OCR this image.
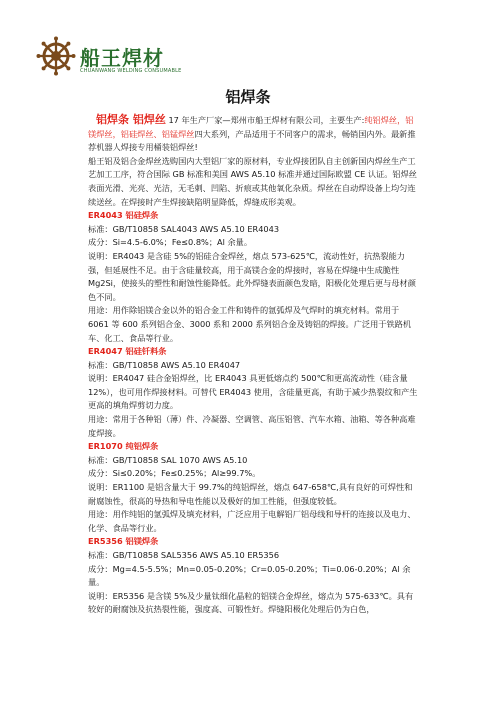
船王焊材
CHUANWANG WELDING CONSUMABLE
铝焊条

铝焊条 铝焊丝 17 年生产厂家—郑州市船王焊材有限公司，主要生产:纯铝焊丝，铝镁焊丝，铝硅焊丝、铝锰焊丝四大系列，产品适用于不同客户的需求，畅销国内外。最新推荐机器人焊接专用桶装铝焊丝!

船王铝及铝合金焊丝选购国内大型铝厂家的原材料，专业焊接团队自主创新国内焊丝生产工艺加工工序，符合国际 GB 标准和美国 AWS A5.10 标准并通过国际欧盟 CE 认证。铝焊丝表面光滑、光亮、光洁，无毛刺、凹陷、折痕或其他氧化杂质。焊丝在自动焊设备上均匀连续送丝。在焊接时产生焊接缺陷明显降低，焊缝成形美观。

ER4043 铝硅焊条

标准：GB/T10858 SAL4043 AWS A5.10 ER4043

成分：Si=4.5-6.0%；Fe≤0.8%；Al 余量。

说明：ER4043 是含硅 5%的铝硅合金焊丝，熔点 573-625℃，流动性好，抗热裂能力强，但延展性不足。由于含硅量较高，用于高镁合金的焊接时，容易在焊缝中生成脆性 Mg2Si，使接头的塑性和耐蚀性能降低。此外焊缝表面颜色发暗，阳极化处理后更与母材颜色不同。

用途：用作除铝镁合金以外的铝合金工件和铸件的氩弧焊及气焊时的填充材料。常用于 6061 等 600 系列铝合金、3000 系和 2000 系列铝合金及铸铝的焊接。广泛用于铁路机车、化工、食品等行业。

ER4047 铝硅钎料条

标准：GB/T10858 AWS A5.10 ER4047

说明：ER4047 硅合金铝焊丝，比 ER4043 具更低熔点约 500℃和更高流动性（硅含量 12%），也可用作焊接材料。可替代 ER4043 使用，含硅量更高，有助于减少热裂纹和产生更高的填角焊剪切力度。

用途：常用于各种铝（薄）件、冷凝器、空调管、高压铝管、汽车水箱、油箱、等各种高难度焊接。

ER1070 纯铝焊条

标准：GB/T10858 SAL 1070 AWS A5.10

成分：Si≤0.20%；Fe≤0.25%；Al≥99.7%。

说明：ER1100 是铝含量大于 99.7%的纯铝焊丝，熔点 647-658℃,具有良好的可焊性和耐腐蚀性，很高的导热和导电性能以及极好的加工性能，但强度较低。

用途：用作纯铝的氩弧焊及填充材料，广泛应用于电解铝厂铝母线和导杆的连接以及电力、化学、食品等行业。

ER5356 铝镁焊条

标准：GB/T10858 SAL5356 AWS A5.10 ER5356

成分：Mg=4.5-5.5%；Mn=0.05-0.20%；Cr=0.05-0.20%；Ti=0.06-0.20%；Al 余量。

说明：ER5356 是含镁 5%及少量钛细化晶粒的铝镁合金焊丝，熔点为 575-633℃。具有较好的耐腐蚀及抗热裂性能，强度高、可锻性好。焊缝阳极化处理后仍为白色，
